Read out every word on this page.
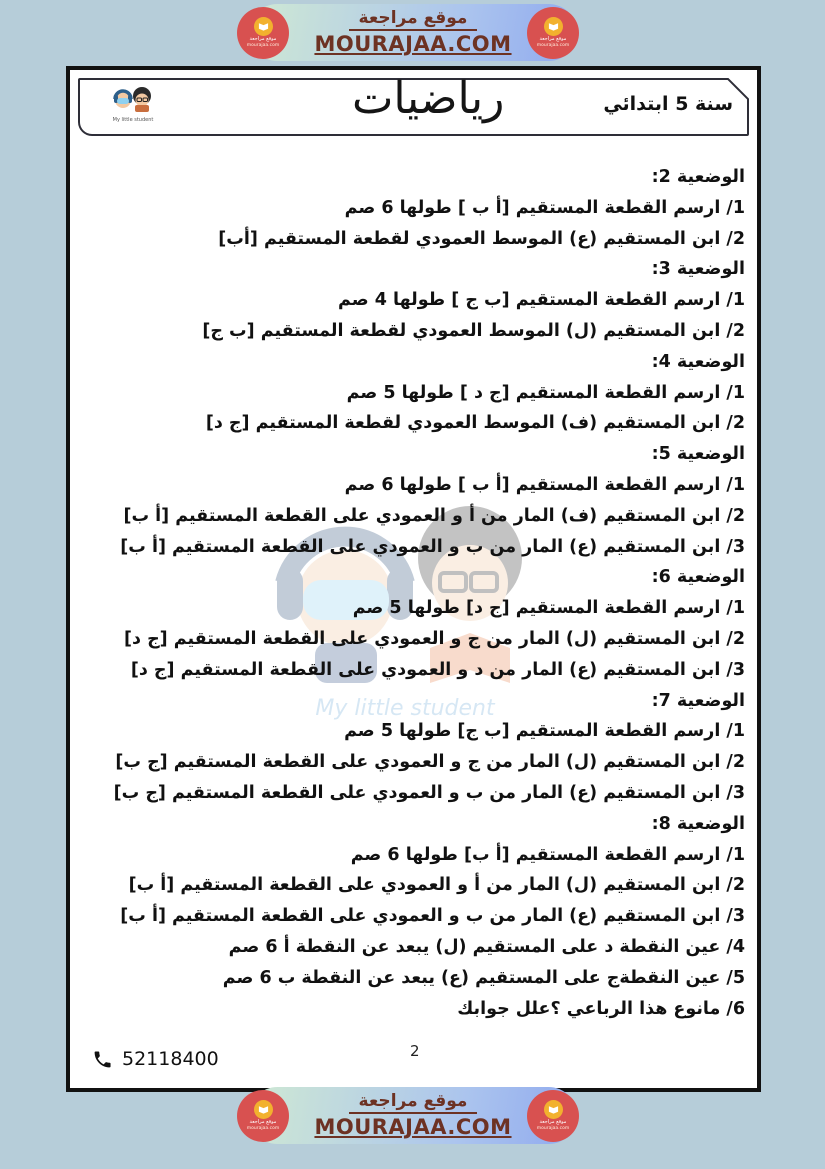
موقع مراجعة
mourajaa.com
موقع مراجعة
MOURAJAA.COM	موقع مراجعة
mourajaa.com
My little student	رياضيات	سنة 5 ابتدائي
My little student
الوضعية 2:
1/ ارسم القطعة المستقيم [أ ب ] طولها 6 صم
2/ ابن المستقيم (ع) الموسط العمودي لقطعة المستقيم [أب]
الوضعية 3:
1/ ارسم القطعة المستقيم [ب ج ] طولها 4 صم
2/ ابن المستقيم (ل) الموسط العمودي لقطعة المستقيم [ب ج]
الوضعية 4:
1/ ارسم القطعة المستقيم [ج د ] طولها 5 صم
2/ ابن المستقيم (ف) الموسط العمودي لقطعة المستقيم [ج د]
الوضعية 5:
1/ ارسم القطعة المستقيم [أ ب ] طولها 6 صم
2/ ابن المستقيم (ف) المار من أ و العمودي على القطعة المستقيم [أ ب]
3/ ابن المستقيم (ع) المار من ب و العمودي على القطعة المستقيم [أ ب]
الوضعية 6:
1/ ارسم القطعة المستقيم [ج د] طولها 5 صم
2/ ابن المستقيم (ل) المار من ج و العمودي على القطعة المستقيم [ج د]
3/ ابن المستقيم (ع) المار من د و العمودي على القطعة المستقيم [ج د]
الوضعية 7:
1/ ارسم القطعة المستقيم [ب ج] طولها 5 صم
2/ ابن المستقيم (ل) المار من ج و العمودي على القطعة المستقيم [ج ب]
3/ ابن المستقيم (ع) المار من ب و العمودي على القطعة المستقيم [ج ب]
الوضعية 8:
1/ ارسم القطعة المستقيم [أ ب] طولها 6 صم
2/ ابن المستقيم (ل) المار من أ و العمودي على القطعة المستقيم [أ ب]
3/ ابن المستقيم (ع) المار من ب و العمودي على القطعة المستقيم [أ ب]
4/ عين النقطة د على المستقيم (ل) يبعد عن النقطة أ 6 صم
5/ عين النقطةج على المستقيم (ع) يبعد عن النقطة ب 6 صم
6/ مانوع هذا الرباعي ؟علل جوابك
2
52118400
موقع مراجعة
mourajaa.com
موقع مراجعة
MOURAJAA.COM	موقع مراجعة
mourajaa.com
